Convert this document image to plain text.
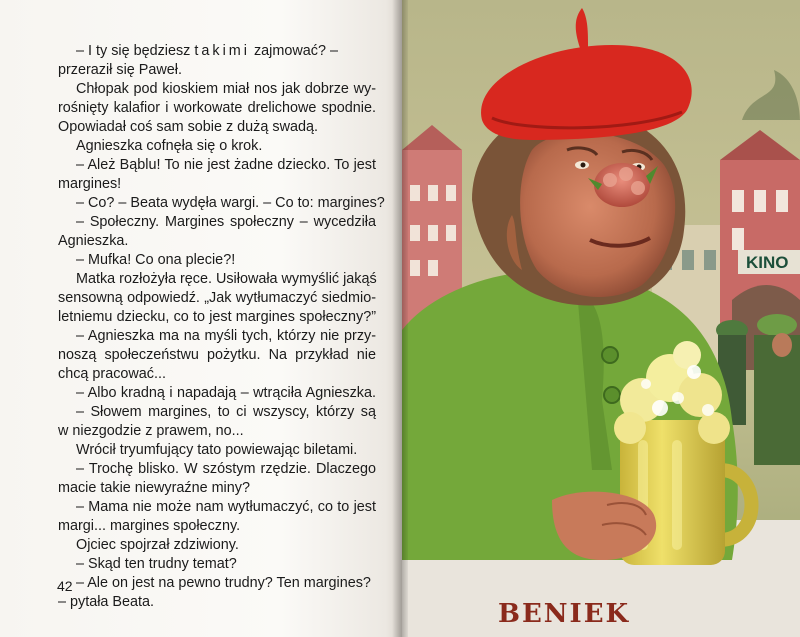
– I ty się będziesz takimi zajmować? –
przeraził się Paweł.
Chłopak pod kioskiem miał nos jak dobrze wy-
rośnięty kalafior i workowate drelichowe spodnie.
Opowiadał coś sam sobie z dużą swadą.
Agnieszka cofnęła się o krok.
– Ależ Bąblu! To nie jest żadne dziecko. To jest
margines!
– Co? – Beata wydęła wargi. – Co to: margines?
– Społeczny. Margines społeczny – wycedziła
Agnieszka.
– Mufka! Co ona plecie?!
Matka rozłożyła ręce. Usiłowała wymyślić jakąś
sensowną odpowiedź. „Jak wytłumaczyć siedmio-
letniemu dziecku, co to jest margines społeczny?”
– Agnieszka ma na myśli tych, którzy nie przy-
noszą społeczeństwu pożytku. Na przykład nie
chcą pracować...
– Albo kradną i napadają – wtrąciła Agnieszka.
– Słowem margines, to ci wszyscy, którzy są
w niezgodzie z prawem, no...
Wrócił tryumfujący tato powiewając biletami.
– Trochę blisko. W szóstym rzędzie. Dlaczego
macie takie niewyraźne miny?
– Mama nie może nam wytłumaczyć, co to jest
margi... margines społeczny.
Ojciec spojrzał zdziwiony.
– Skąd ten trudny temat?
– Ale on jest na pewno trudny? Ten margines?
– pytała Beata.
42
KINO
BENIEK
